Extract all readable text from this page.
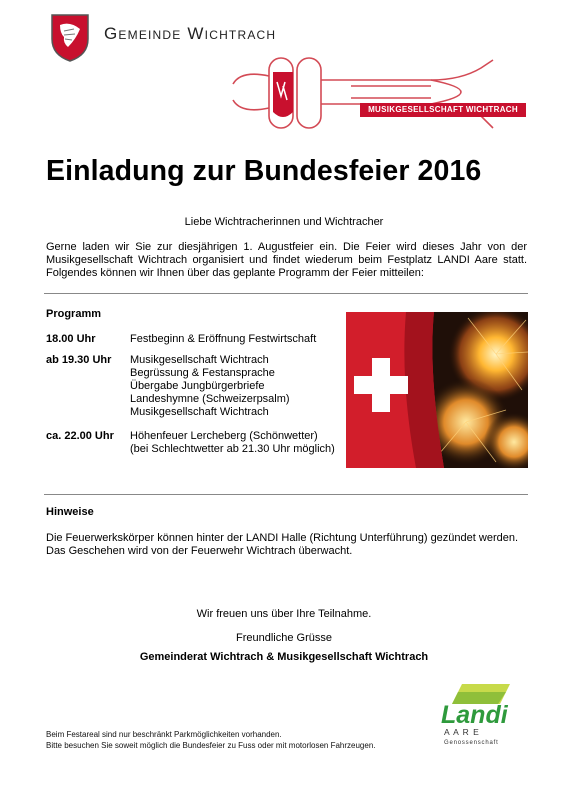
Gemeinde Wichtrach
MUSIKGESELLSCHAFT WICHTRACH
Einladung zur Bundesfeier 2016
Liebe Wichtracherinnen und Wichtracher

Gerne laden wir Sie zur diesjährigen 1. Augustfeier ein. Die Feier wird dieses Jahr von der Musikgesellschaft Wichtrach organisiert und findet wiederum beim Festplatz LANDI Aare statt. Folgendes können wir Ihnen über das geplante Programm der Feier mitteilen:

Programm
18.00 Uhr	Festbeginn & Eröffnung Festwirtschaft
ab 19.30 Uhr Musikgesellschaft Wichtrach
Begrüssung & Festansprache
Übergabe Jungbürgerbriefe
Landeshymne (Schweizerpsalm)
Musikgesellschaft Wichtrach
ca. 22.00 Uhr Höhenfeuer Lercheberg (Schönwetter)
(bei Schlechtwetter ab 21.30 Uhr möglich)
Hinweise

Die Feuerwerkskörper können hinter der LANDI Halle (Richtung Unterführung) gezündet werden. Das Geschehen wird von der Feuerwehr Wichtrach überwacht.

Wir freuen uns über Ihre Teilnahme.
Freundliche Grüsse
Gemeinderat Wichtrach & Musikgesellschaft Wichtrach
Landi
A A R E
Genossenschaft
Beim Festareal sind nur beschränkt Parkmöglichkeiten vorhanden.
Bitte besuchen Sie soweit möglich die Bundesfeier zu Fuss oder mit motorlosen Fahrzeugen.
